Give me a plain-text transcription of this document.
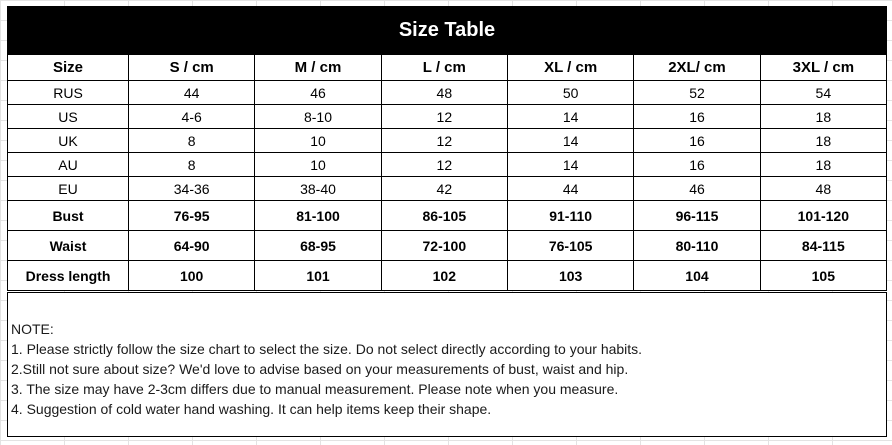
Size Table
Size	S / cm	M / cm	L / cm	XL / cm	2XL/ cm	3XL / cm
RUS	44	46	48	50	52	54
US	4-6	8-10	12	14	16	18
UK	8	10	12	14	16	18
AU	8	10	12	14	16	18
EU	34-36	38-40	42	44	46	48
Bust	76-95	81-100	86-105	91-110	96-115	101-120
Waist	64-90	68-95	72-100	76-105	80-110	84-115
Dress length	100	101	102	103	104	105
NOTE:
1. Please strictly follow the size chart to select the size. Do not select directly according to your habits.
2.Still not sure about size? We'd love to advise based on your measurements of bust, waist and hip.
3. The size may have 2-3cm differs due to manual measurement. Please note when you measure.
4. Suggestion of cold water hand washing. It can help items keep their shape.
